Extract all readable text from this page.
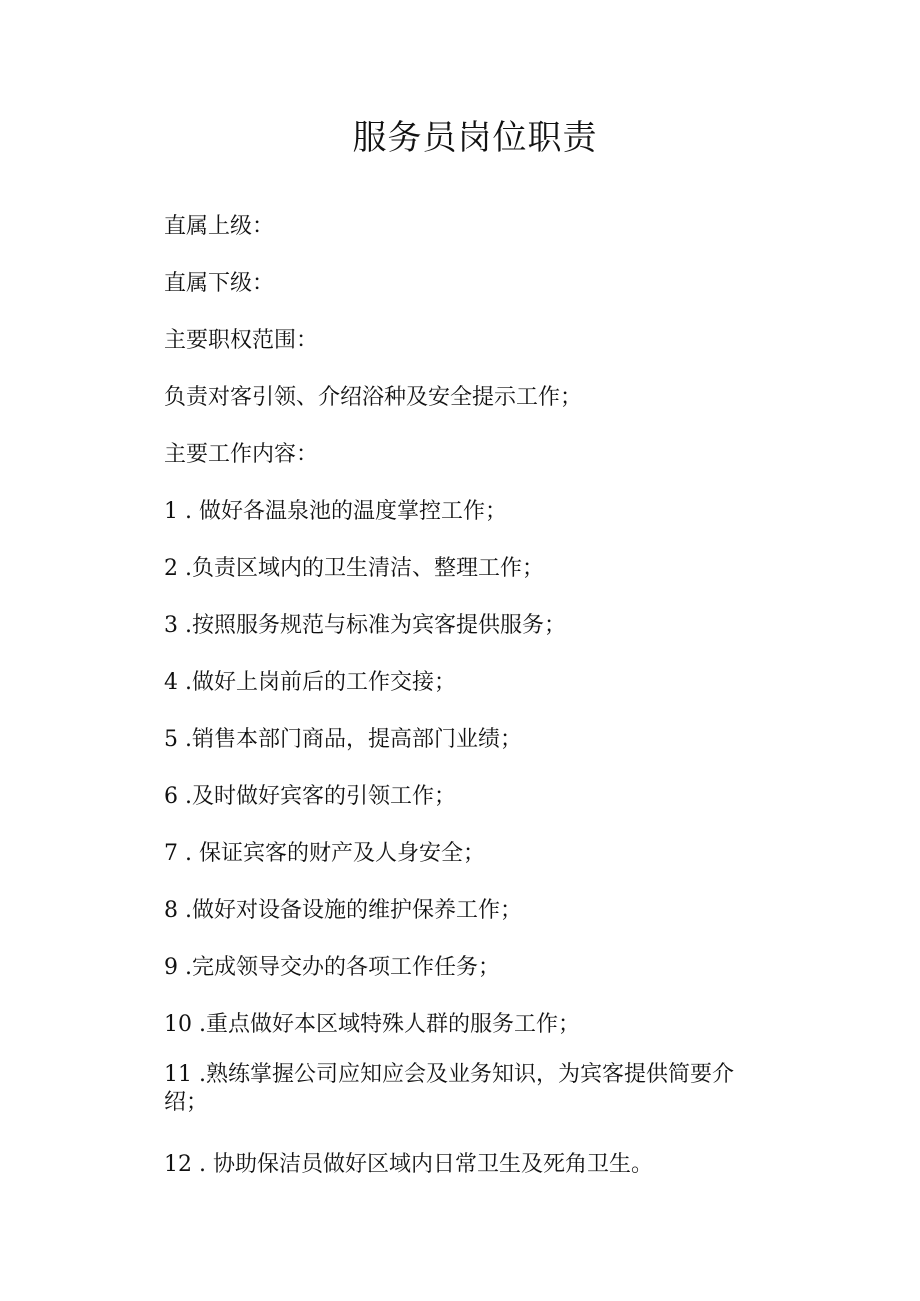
服务员岗位职责
直属上级：
直属下级：
主要职权范围：
负责对客引领、介绍浴种及安全提示工作；
主要工作内容：
1 . 做好各温泉池的温度掌控工作；
2 .负责区域内的卫生清洁、整理工作；
3 .按照服务规范与标准为宾客提供服务；
4 .做好上岗前后的工作交接；
5 .销售本部门商品，提高部门业绩；
6 .及时做好宾客的引领工作；
7 . 保证宾客的财产及人身安全；
8 .做好对设备设施的维护保养工作；
9 .完成领导交办的各项工作任务；
10 .重点做好本区域特殊人群的服务工作；
11 .熟练掌握公司应知应会及业务知识，为宾客提供简要介绍；
12 . 协助保洁员做好区域内日常卫生及死角卫生。
